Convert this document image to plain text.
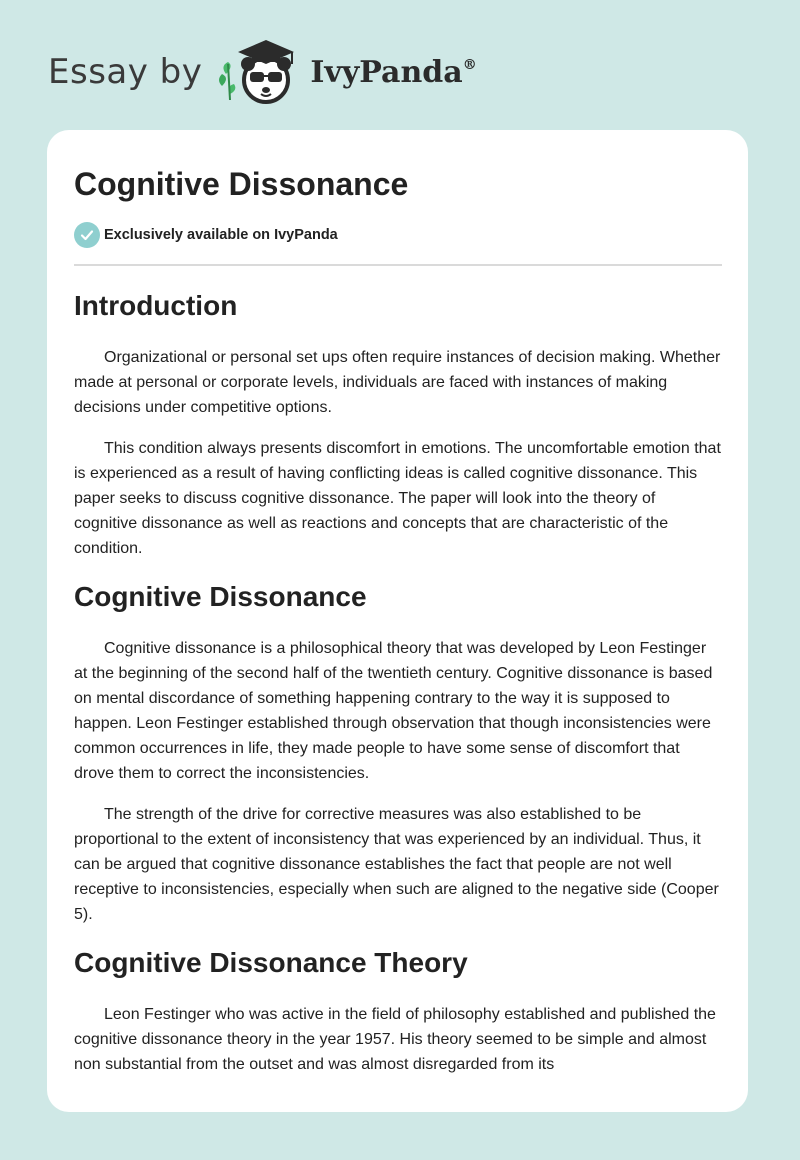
Essay by	IvyPanda®
Cognitive Dissonance
Exclusively available on IvyPanda
Introduction

Organizational or personal set ups often require instances of decision making. Whether made at personal or corporate levels, individuals are faced with instances of making decisions under competitive options.

This condition always presents discomfort in emotions. The uncomfortable emotion that is experienced as a result of having conflicting ideas is called cognitive dissonance. This paper seeks to discuss cognitive dissonance. The paper will look into the theory of cognitive dissonance as well as reactions and concepts that are characteristic of the condition.

Cognitive Dissonance

Cognitive dissonance is a philosophical theory that was developed by Leon Festinger at the beginning of the second half of the twentieth century. Cognitive dissonance is based on mental discordance of something happening contrary to the way it is supposed to happen. Leon Festinger established through observation that though inconsistencies were common occurrences in life, they made people to have some sense of discomfort that drove them to correct the inconsistencies.

The strength of the drive for corrective measures was also established to be proportional to the extent of inconsistency that was experienced by an individual. Thus, it can be argued that cognitive dissonance establishes the fact that people are not well receptive to inconsistencies, especially when such are aligned to the negative side (Cooper 5).

Cognitive Dissonance Theory

Leon Festinger who was active in the field of philosophy established and published the cognitive dissonance theory in the year 1957. His theory seemed to be simple and almost non substantial from the outset and was almost disregarded from its
